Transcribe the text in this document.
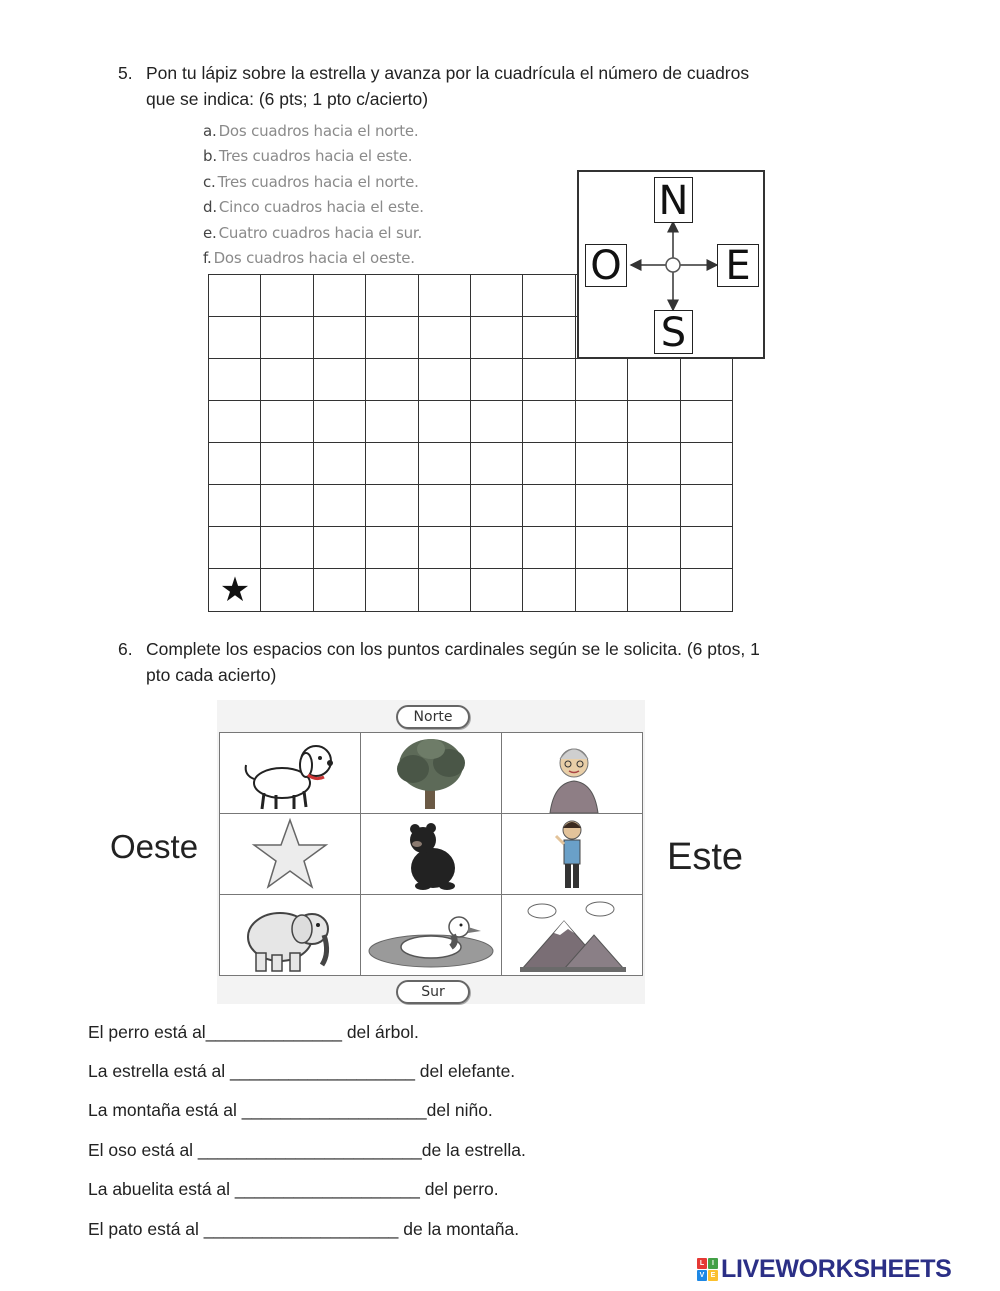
5. Pon tu lápiz sobre la estrella y avanza por la cuadrícula el número de cuadros
que se indica: (6 pts; 1 pto c/acierto)
a. Dos cuadros hacia el norte.
b. Tres cuadros hacia el este.
c. Tres cuadros hacia el norte.
d. Cinco cuadros hacia el este.
e. Cuatro cuadros hacia el sur.
f. Dos cuadros hacia el oeste.
★
N
S
O	E
6. Complete los espacios con los puntos cardinales según se le solicita. (6 ptos, 1
pto cada acierto)
Norte
Sur
Oeste	Este
El perro está al______________ del árbol.
La estrella está al ___________________ del elefante.
La montaña está al ___________________del niño.
El oso está al _______________________de la estrella.
La abuelita está al ___________________ del perro.
El pato está al ____________________ de la montaña.
L	I
V E LIVEWORKSHEETS
